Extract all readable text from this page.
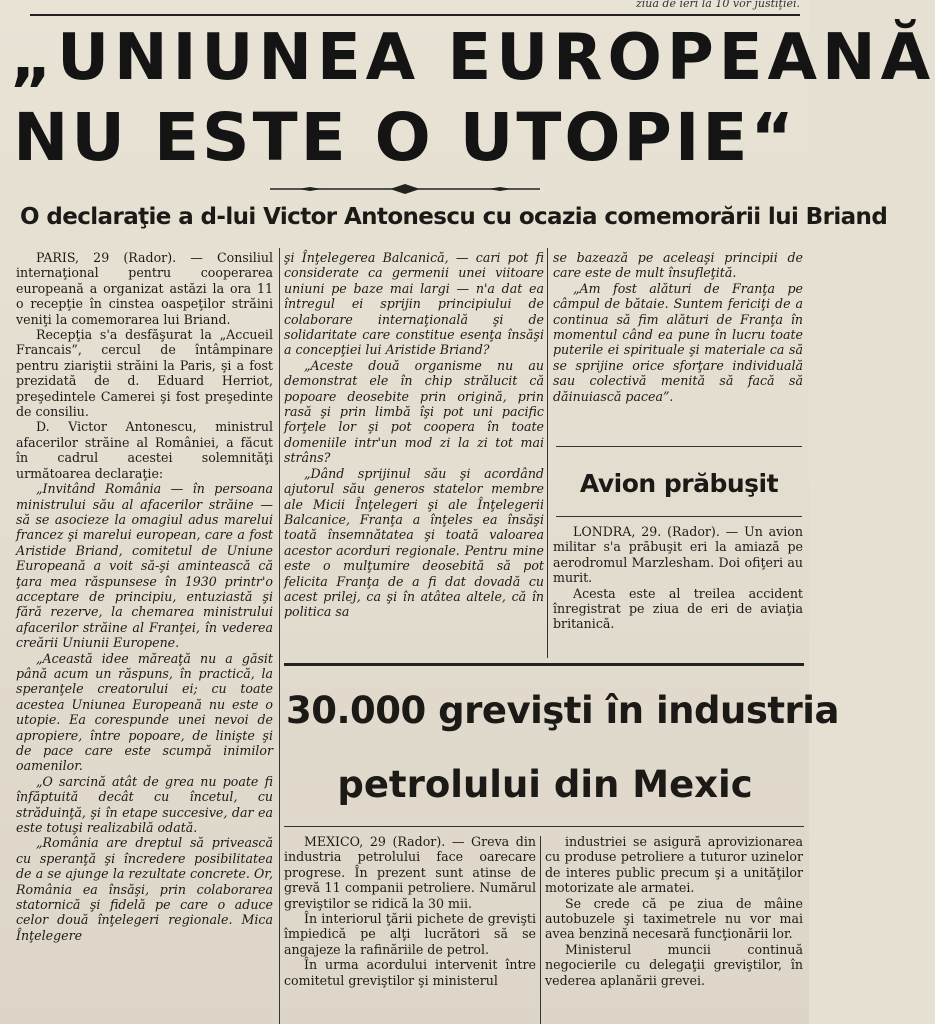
ziua de ieri la 10 vor justiţiei.
„UNIUNEA EUROPEANĂ
NU ESTE O UTOPIE“
O declaraţie a d-lui Victor Antonescu cu ocazia comemorării lui Briand

PARIS, 29 (Rador). — Consiliul internaţional pentru cooperarea europeană a organizat astăzi la ora 11 o recepţie în cinstea oaspeţilor străini veniţi la comemorarea lui Briand.

Recepţia s'a desfăşurat la „Accueil Francais”, cercul de întâmpinare pentru ziariştii străini la Paris, şi a fost prezidată de d. Eduard Herriot, preşedintele Camerei şi fost preşedinte de consiliu.

D. Victor Antonescu, ministrul afacerilor străine al României, a făcut în cadrul acestei solemnităţi următoarea declaraţie:

„Invitând România — în persoana ministrului său al afacerilor străine — să se asocieze la omagiul adus marelui francez şi marelui european, care a fost Aristide Briand, comitetul de Uniune Europeană a voit să-şi amintească că ţara mea răspunsese în 1930 printr'o acceptare de principiu, entuziastă şi fără rezerve, la chemarea ministrului afacerilor străine al Franţei, în vederea creării Uniunii Europene.

„Această idee măreaţă nu a găsit până acum un răspuns, în practică, la speranţele creatorului ei; cu toate acestea Uniunea Europeană nu este o utopie. Ea corespunde unei nevoi de apropiere, între popoare, de linişte şi de pace care este scumpă inimilor oamenilor.

„O sarcină atât de grea nu poate fi înfăptuită decât cu încetul, cu străduinţă, şi în etape succesive, dar ea este totuşi realizabilă odată.

„România are dreptul să privească cu speranţă şi încredere posibilitatea de a se ajunge la rezultate concrete. Or, România ea însăşi, prin colaborarea statornică şi fidelă pe care o aduce celor două înţelegeri regionale. Mica Înţelegere

şi Înţelegerea Balcanică, — cari pot fi considerate ca germenii unei viitoare uniuni pe baze mai largi — n'a dat ea întregul ei sprijin principiului de colaborare internaţională şi de solidaritate care constitue esenţa însăşi a concepţiei lui Aristide Briand?

„Aceste două organisme nu au demonstrat ele în chip strălucit că popoare deosebite prin origină, prin rasă şi prin limbă îşi pot uni pacific forţele lor şi pot coopera în toate domeniile intr'un mod zi la zi tot mai strâns?

„Dând sprijinul său şi acordând ajutorul său generos statelor membre ale Micii Înţelegeri şi ale Înţelegerii Balcanice, Franţa a înţeles ea însăşi toată însemnătatea şi toată valoarea acestor acorduri regionale. Pentru mine este o mulţumire deosebită să pot felicita Franţa de a fi dat dovadă cu acest prilej, ca şi în atâtea altele, că în politica sa

se bazează pe aceleaşi principii de care este de mult însufleţită.

„Am fost alături de Franţa pe câmpul de bătaie. Suntem fericiţi de a continua să fim alături de Franţa în momentul când ea pune în lucru toate puterile ei spirituale şi materiale ca să se sprijine orice sforţare individuală sau colectivă menită să facă să dăinuiască pacea”.

Avion prăbuşit

LONDRA, 29. (Rador). — Un avion militar s'a prăbuşit eri la amiază pe aerodromul Marzlesham. Doi ofiţeri au murit.

Acesta este al treilea accident înregistrat pe ziua de eri de aviaţia britanică.

30.000 grevişti în industria
petrolului din Mexic

MEXICO, 29 (Rador). — Greva din industria petrolului face oarecare progrese. În prezent sunt atinse de grevă 11 companii petroliere. Numărul greviştilor se ridică la 30 mii.

În interiorul ţării pichete de grevişti împiedică pe alţi lucrători să se angajeze la rafinăriile de petrol.

În urma acordului intervenit între comitetul greviştilor şi ministerul

industriei se asigură aprovizionarea cu produse petroliere a tuturor uzinelor de interes public precum şi a unităţilor motorizate ale armatei.

Se crede că pe ziua de mâine autobuzele şi taximetrele nu vor mai avea benzină necesară funcţionării lor.

Ministerul muncii continuă negocierile cu delegaţii greviştilor, în vederea aplanării grevei.
